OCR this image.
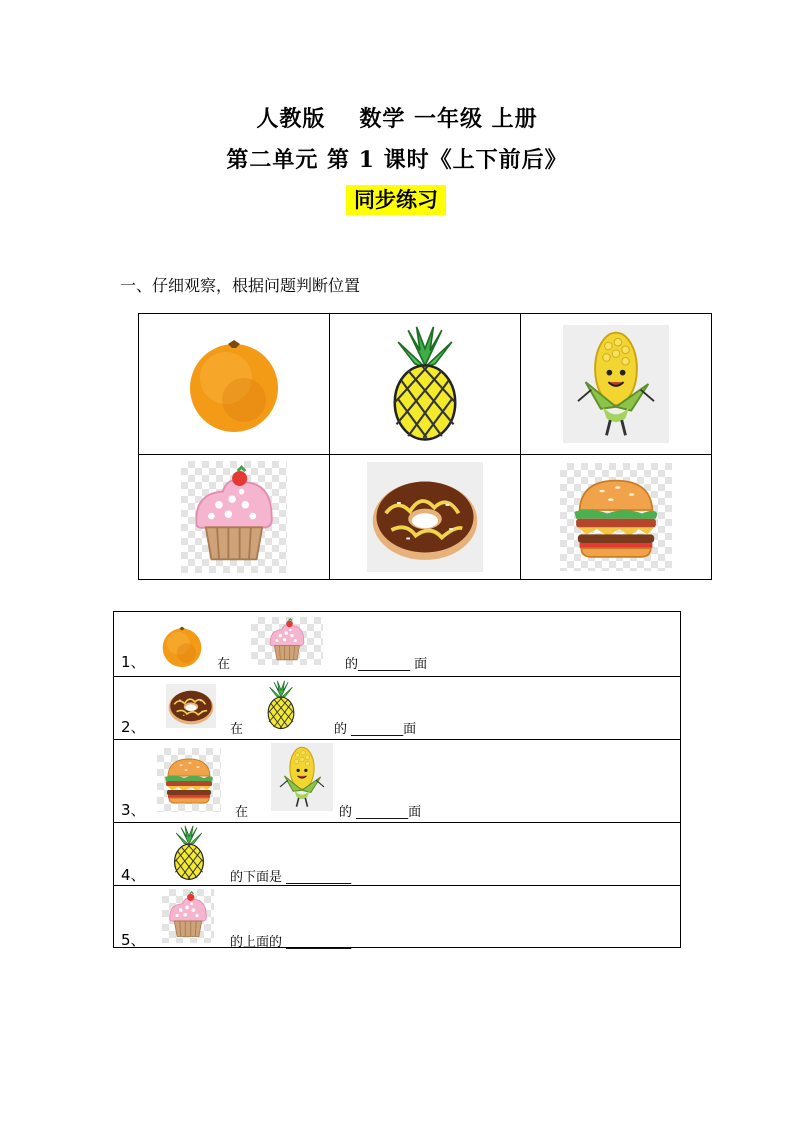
人教版 数学 一年级 上册
第二单元 第 1 课时《上下前后》
同步练习
一、仔细观察，根据问题判断位置

1、	在	的________ 面
2、	在	的 ________面
3、	在	的 ________面
4、	的下面是 __________
5、	的上面的 __________
